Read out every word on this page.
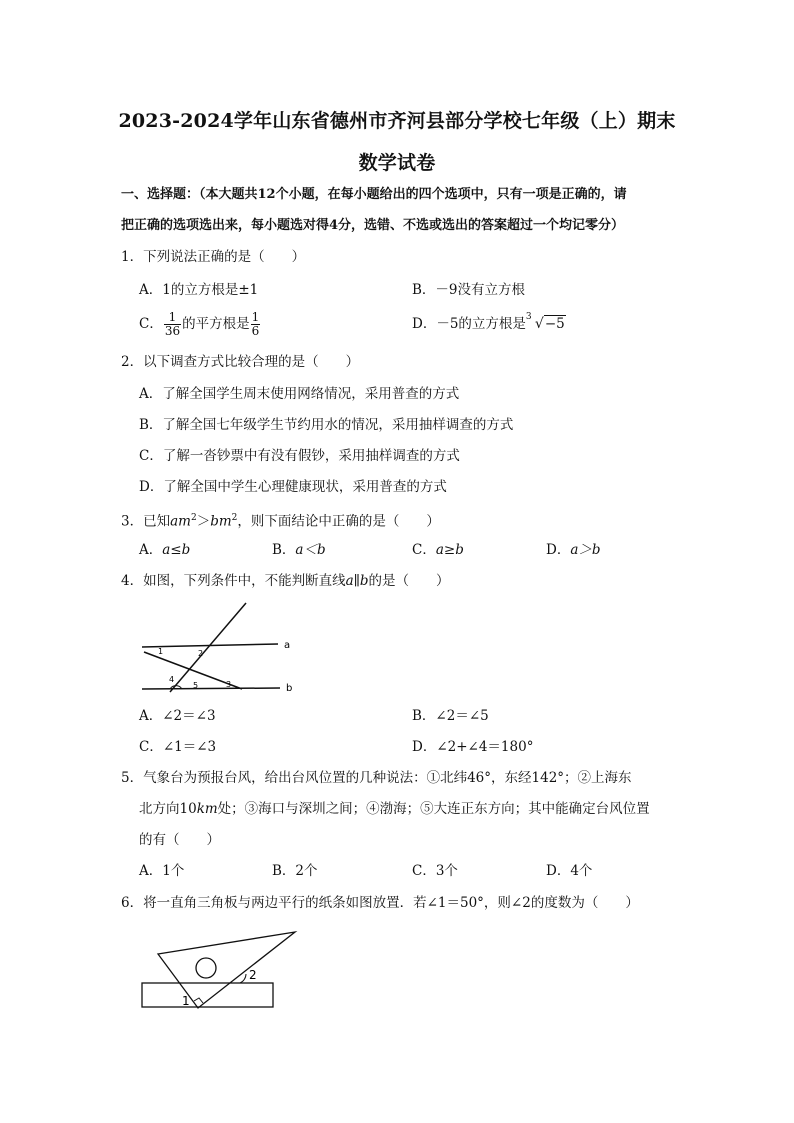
2023-2024学年山东省德州市齐河县部分学校七年级（上）期末
数学试卷
一、选择题：（本大题共12个小题，在每小题给出的四个选项中，只有一项是正确的，请
把正确的选项选出来，每小题选对得4分，选错、不选或选出的答案超过一个均记零分）
1．下列说法正确的是（　　）
A．1的立方根是±1	B．－9没有立方根
C． $\frac{1}{36}$ 的平方根是 $\frac{1}{6}$	D．－5的立方根是 3 √−5
2．以下调查方式比较合理的是（　　）
A．了解全国学生周末使用网络情况，采用普查的方式
B．了解全国七年级学生节约用水的情况，采用抽样调查的方式
C．了解一沓钞票中有没有假钞，采用抽样调查的方式
D．了解全国中学生心理健康现状，采用普查的方式
3．已知$am^2>bm^2$，则下面结论中正确的是（　　）
A．a≤b	B．a＜b	C．a≥b	D．a＞b
4．如图，下列条件中，不能判断直线a∥b的是（　　）
a
b
1	2
3
4
5
A．∠2＝∠3	B．∠2＝∠5
C．∠1＝∠3	D．∠2+∠4＝180°
5．气象台为预报台风，给出台风位置的几种说法：①北纬46°，东经142°；②上海东
北方向10km处；③海口与深圳之间；④渤海；⑤大连正东方向；其中能确定台风位置
的有（　　）
A．1个	B．2个	C．3个	D．4个
6．将一直角三角板与两边平行的纸条如图放置．若∠1＝50°，则∠2的度数为（　　）
1
2
